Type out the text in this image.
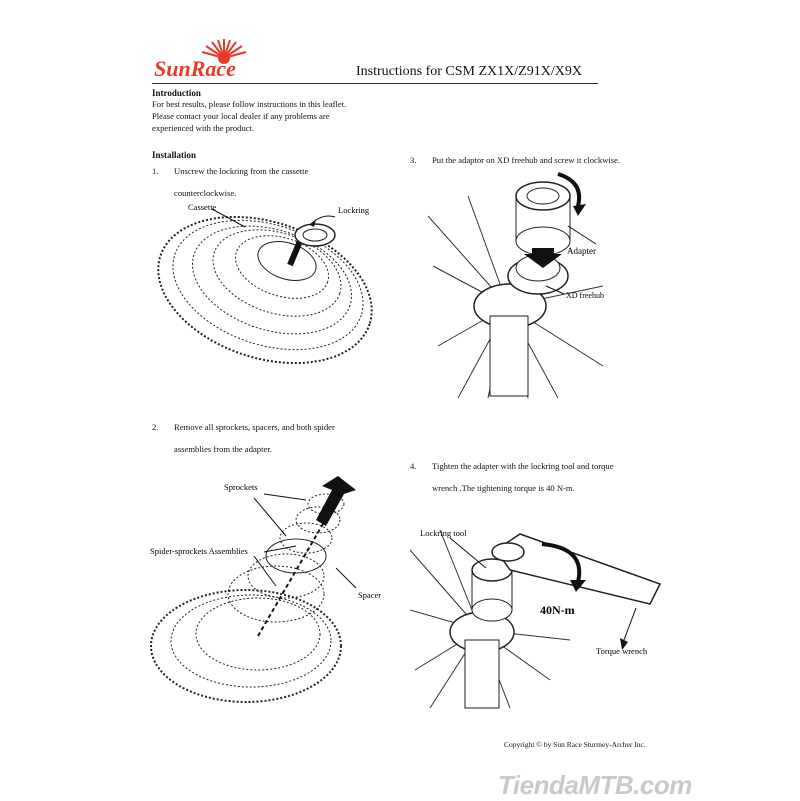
SunRace	Instructions for CSM ZX1X/Z91X/X9X
Introduction
For best results, please follow instructions in this leaflet.
Please contact your local dealer if any problems are
experienced with the product.
Installation
1. Unscrew the lockring from the cassette
counterclockwise.
3. Put the adaptor on XD freehub and screw it clockwise.
2. Remove all sprockets, spacers, and both spider
assemblies from the adapter.
4. Tighten the adapter with the lockring tool and torque
wrench .The tightening torque is 40 N-m.
Cassette	Lockring
Adapter
XD freehub
Sprockets
Spider-sprockets Assemblies
Spacer
Lockring tool
40N-m
Torque wrench
Copyright © by Sun Race Sturmey-Archer Inc.
TiendaMTB.com
